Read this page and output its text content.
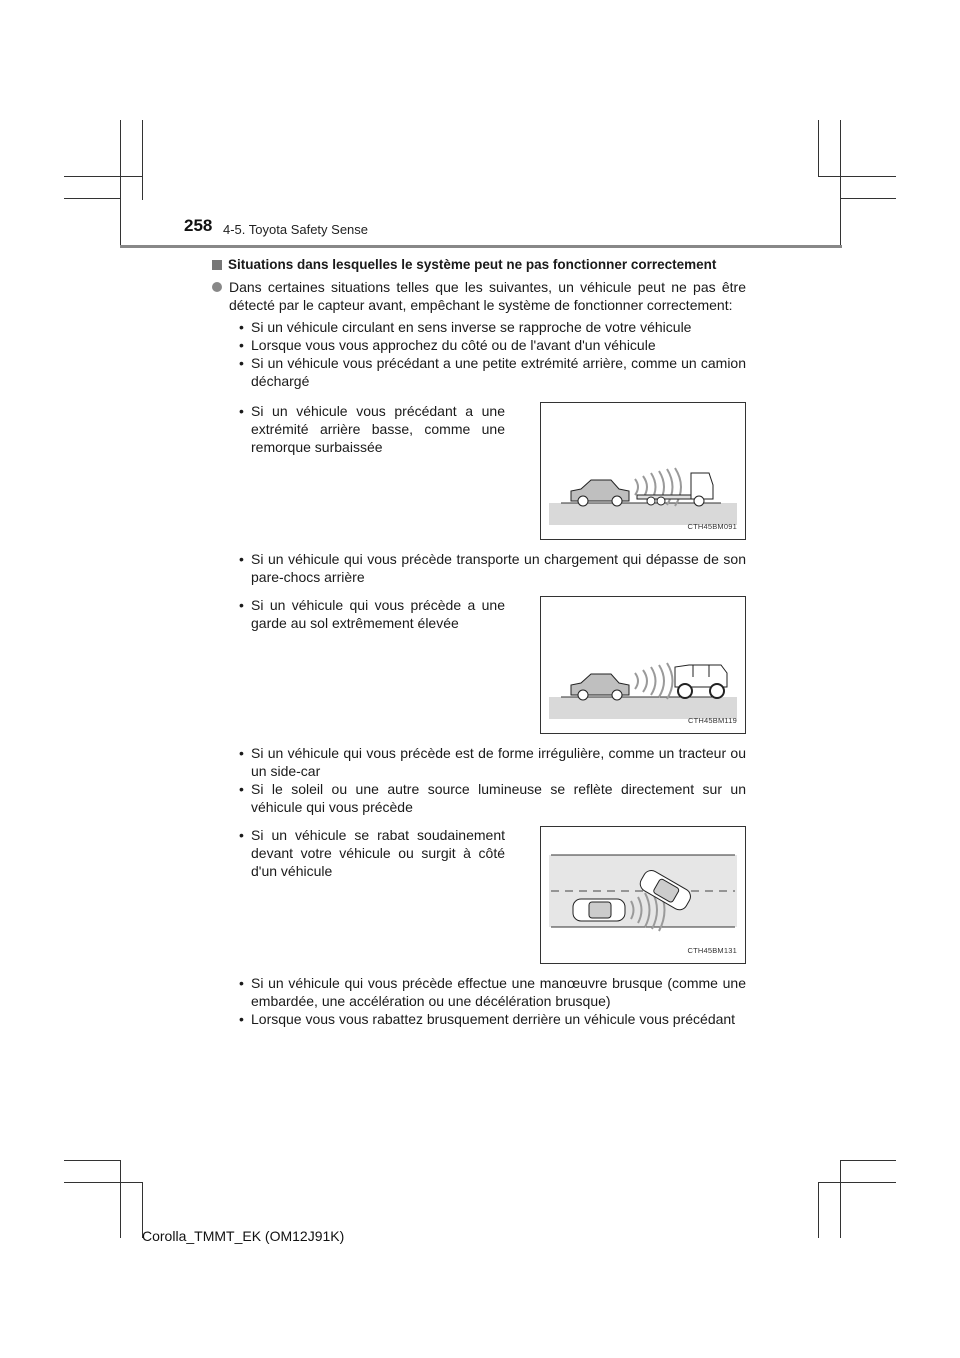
258 4-5. Toyota Safety Sense
Situations dans lesquelles le système peut ne pas fonctionner correctement
Dans certaines situations telles que les suivantes, un véhicule peut ne pas être détecté par le capteur avant, empêchant le système de fonctionner correctement:
• Si un véhicule circulant en sens inverse se rapproche de votre véhicule
• Lorsque vous vous approchez du côté ou de l'avant d'un véhicule
• Si un véhicule vous précédant a une petite extrémité arrière, comme un camion déchargé
• Si un véhicule vous précédant a une extrémité arrière basse, comme une remorque surbaissée
CTH45BM091
• Si un véhicule qui vous précède transporte un chargement qui dépasse de son pare-chocs arrière
• Si un véhicule qui vous précède a une garde au sol extrêmement élevée
CTH45BM119
• Si un véhicule qui vous précède est de forme irrégulière, comme un tracteur ou un side-car
• Si le soleil ou une autre source lumineuse se reflète directement sur un véhicule qui vous précède
• Si un véhicule se rabat soudainement devant votre véhicule ou surgit à côté d'un véhicule
CTH45BM131
• Si un véhicule qui vous précède effectue une manœuvre brusque (comme une embardée, une accélération ou une décélération brusque)
• Lorsque vous vous rabattez brusquement derrière un véhicule vous précédant
Corolla_TMMT_EK (OM12J91K)
